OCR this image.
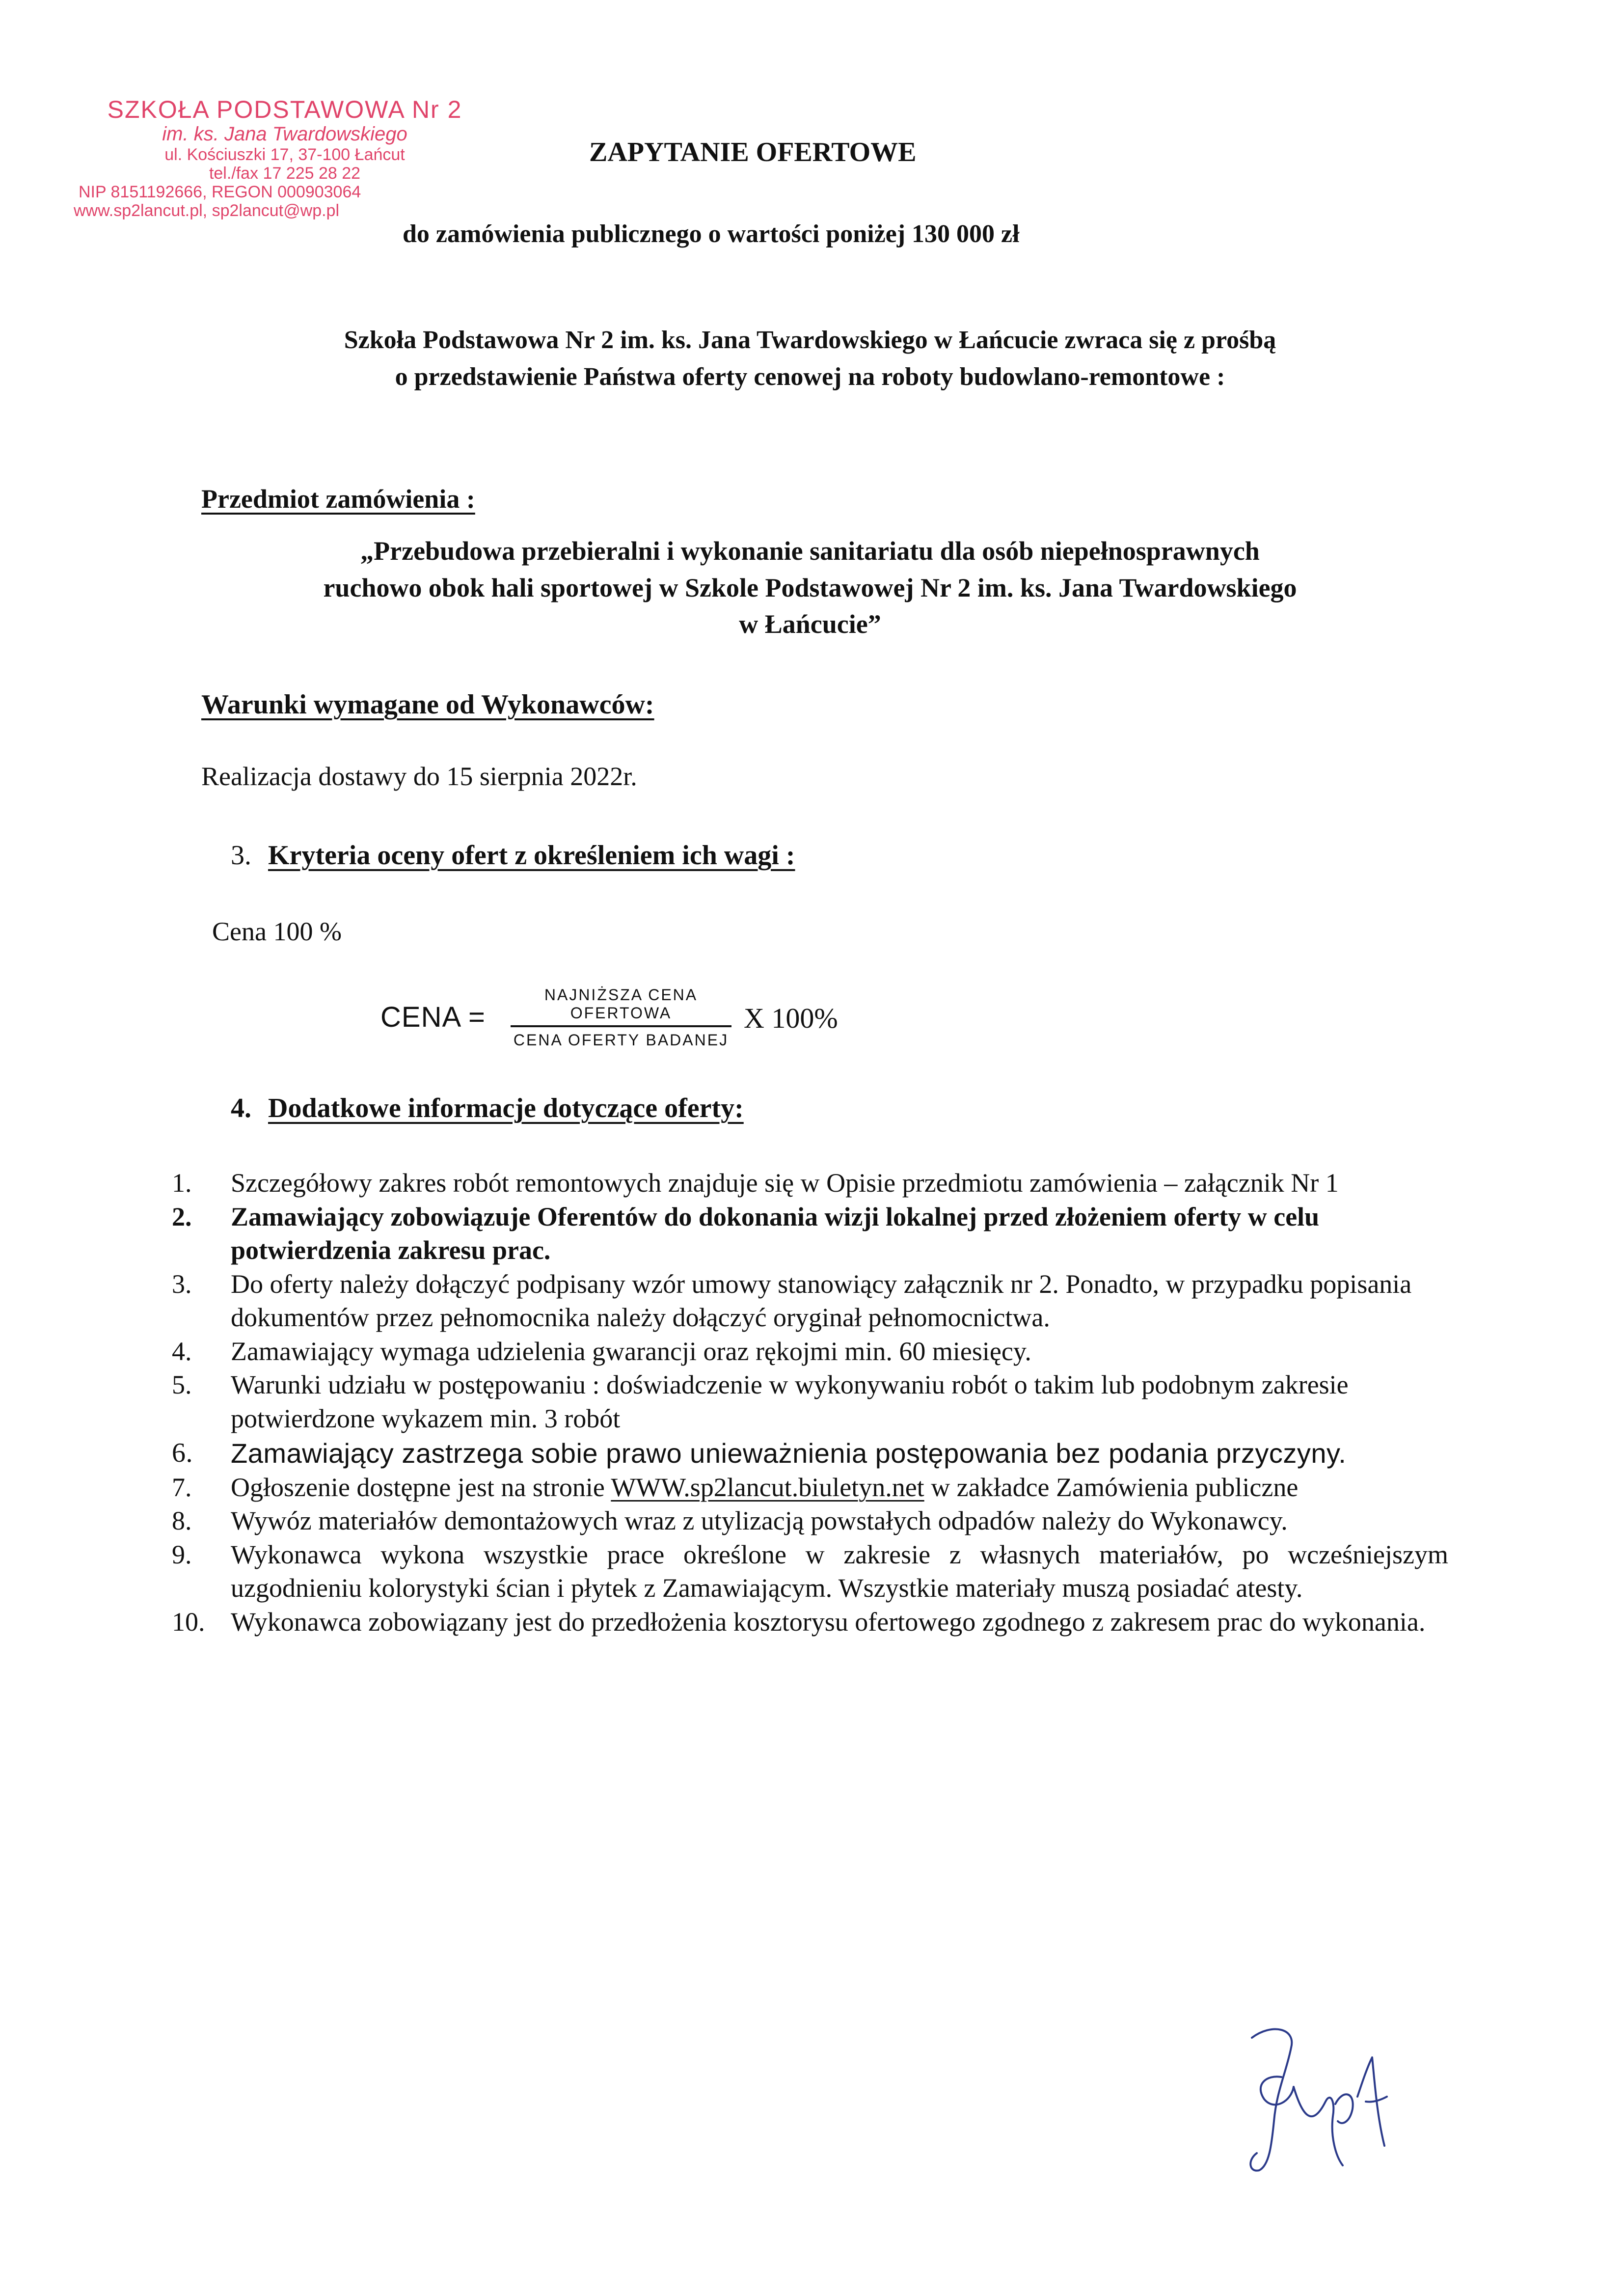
SZKOŁA PODSTAWOWA Nr 2
im. ks. Jana Twardowskiego
ul. Kościuszki 17, 37-100 Łańcut
tel./fax 17 225 28 22
NIP 8151192666, REGON 000903064
www.sp2lancut.pl, sp2lancut@wp.pl
ZAPYTANIE OFERTOWE
do zamówienia publicznego o wartości poniżej 130 000 zł
Szkoła Podstawowa Nr 2 im. ks. Jana Twardowskiego w Łańcucie zwraca się z prośbą
o przedstawienie Państwa oferty cenowej na roboty budowlano-remontowe :
Przedmiot zamówienia :
„Przebudowa przebieralni i wykonanie sanitariatu dla osób niepełnosprawnych
ruchowo obok hali sportowej w Szkole Podstawowej Nr 2 im. ks. Jana Twardowskiego
w Łańcucie”
Warunki wymagane od Wykonawców:
Realizacja dostawy do 15 sierpnia 2022r.
3. Kryteria oceny ofert z określeniem ich wagi :
Cena 100 %
CENA =
NAJNIŻSZA CENA OFERTOWA
CENA OFERTY BADANEJ
X 100%
4. Dodatkowe informacje dotyczące oferty:
1.	Szczegółowy zakres robót remontowych znajduje się w Opisie przedmiotu zamówienia – załącznik Nr 1
2.	Zamawiający zobowiązuje Oferentów do dokonania wizji lokalnej przed złożeniem oferty w celu potwierdzenia zakresu prac.
3.	Do oferty należy dołączyć podpisany wzór umowy stanowiący załącznik nr 2. Ponadto, w przypadku popisania dokumentów przez pełnomocnika należy dołączyć oryginał pełnomocnictwa.
4.	Zamawiający wymaga udzielenia gwarancji oraz rękojmi min. 60 miesięcy.
5.	Warunki udziału w postępowaniu : doświadczenie w wykonywaniu robót o takim lub podobnym zakresie potwierdzone wykazem min. 3 robót
6.	Zamawiający zastrzega sobie prawo unieważnienia postępowania bez podania przyczyny.
7.	Ogłoszenie dostępne jest na stronie WWW.sp2lancut.biuletyn.net w zakładce Zamówienia publiczne
8.	Wywóz materiałów demontażowych wraz z utylizacją powstałych odpadów należy do Wykonawcy.
9.	Wykonawca wykona wszystkie prace określone w zakresie z własnych materiałów, po wcześniejszym uzgodnieniu kolorystyki ścian i płytek z Zamawiającym. Wszystkie materiały muszą posiadać atesty.
10. Wykonawca zobowiązany jest do przedłożenia kosztorysu ofertowego zgodnego z zakresem prac do wykonania.
